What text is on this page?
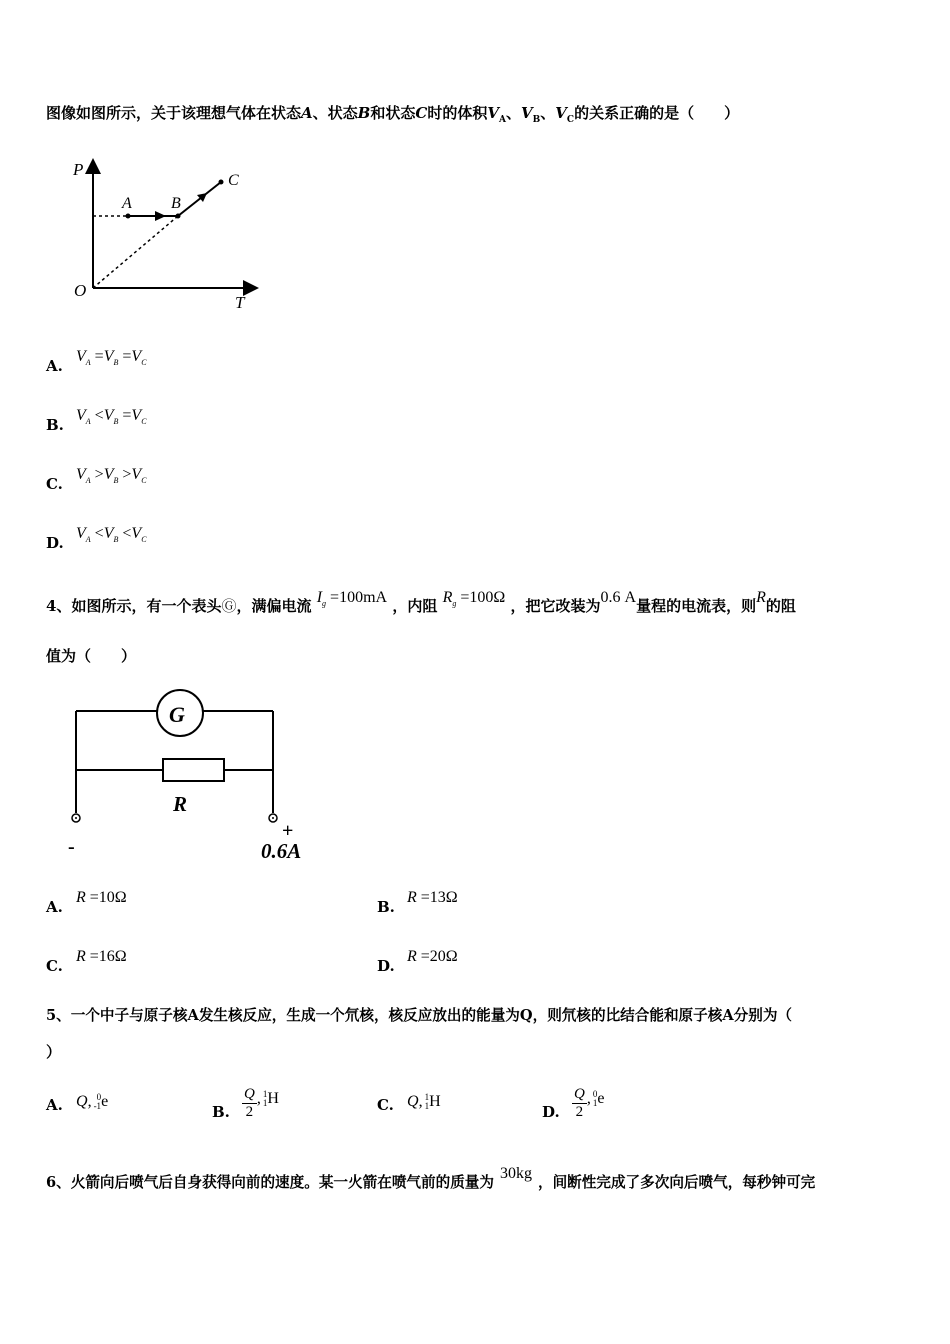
图像如图所示，关于该理想气体在状态A、状态B和状态C时的体积$V_A$、$V_B$、$V_C$的关系正确的是（　　）
P
T
O
A B
C
$A.V_A =V_B =V_C$
$B.V_A <V_B =V_C$
$C.V_A >V_B >V_C$
$D.V_A <V_B <V_C$
4、如图所示，有一个表头Ⓖ，满偏电流 $I_g =100mA$ ，内阻 $R_g =100\Omega$ ，把它改装为0.6 A量程的电流表，则R的阻
值为（　　）
G
R
-
+
0.6A
A.R =10Ω
B.R =13Ω
C.R =16Ω
D.R =20Ω
5、一个中子与原子核A发生核反应，生成一个氘核，核反应放出的能量为Q，则氘核的比结合能和原子核A分别为（
）
A. Q, 0
-1 e
B. $\frac{Q}{2}$ , 1
1 H	C. Q, 1
1 H
D. $\frac{Q}{2}$ , 0
1 e
6、火箭向后喷气后自身获得向前的速度。某一火箭在喷气前的质量为30kg，间断性完成了多次向后喷气，每秒钟可完
